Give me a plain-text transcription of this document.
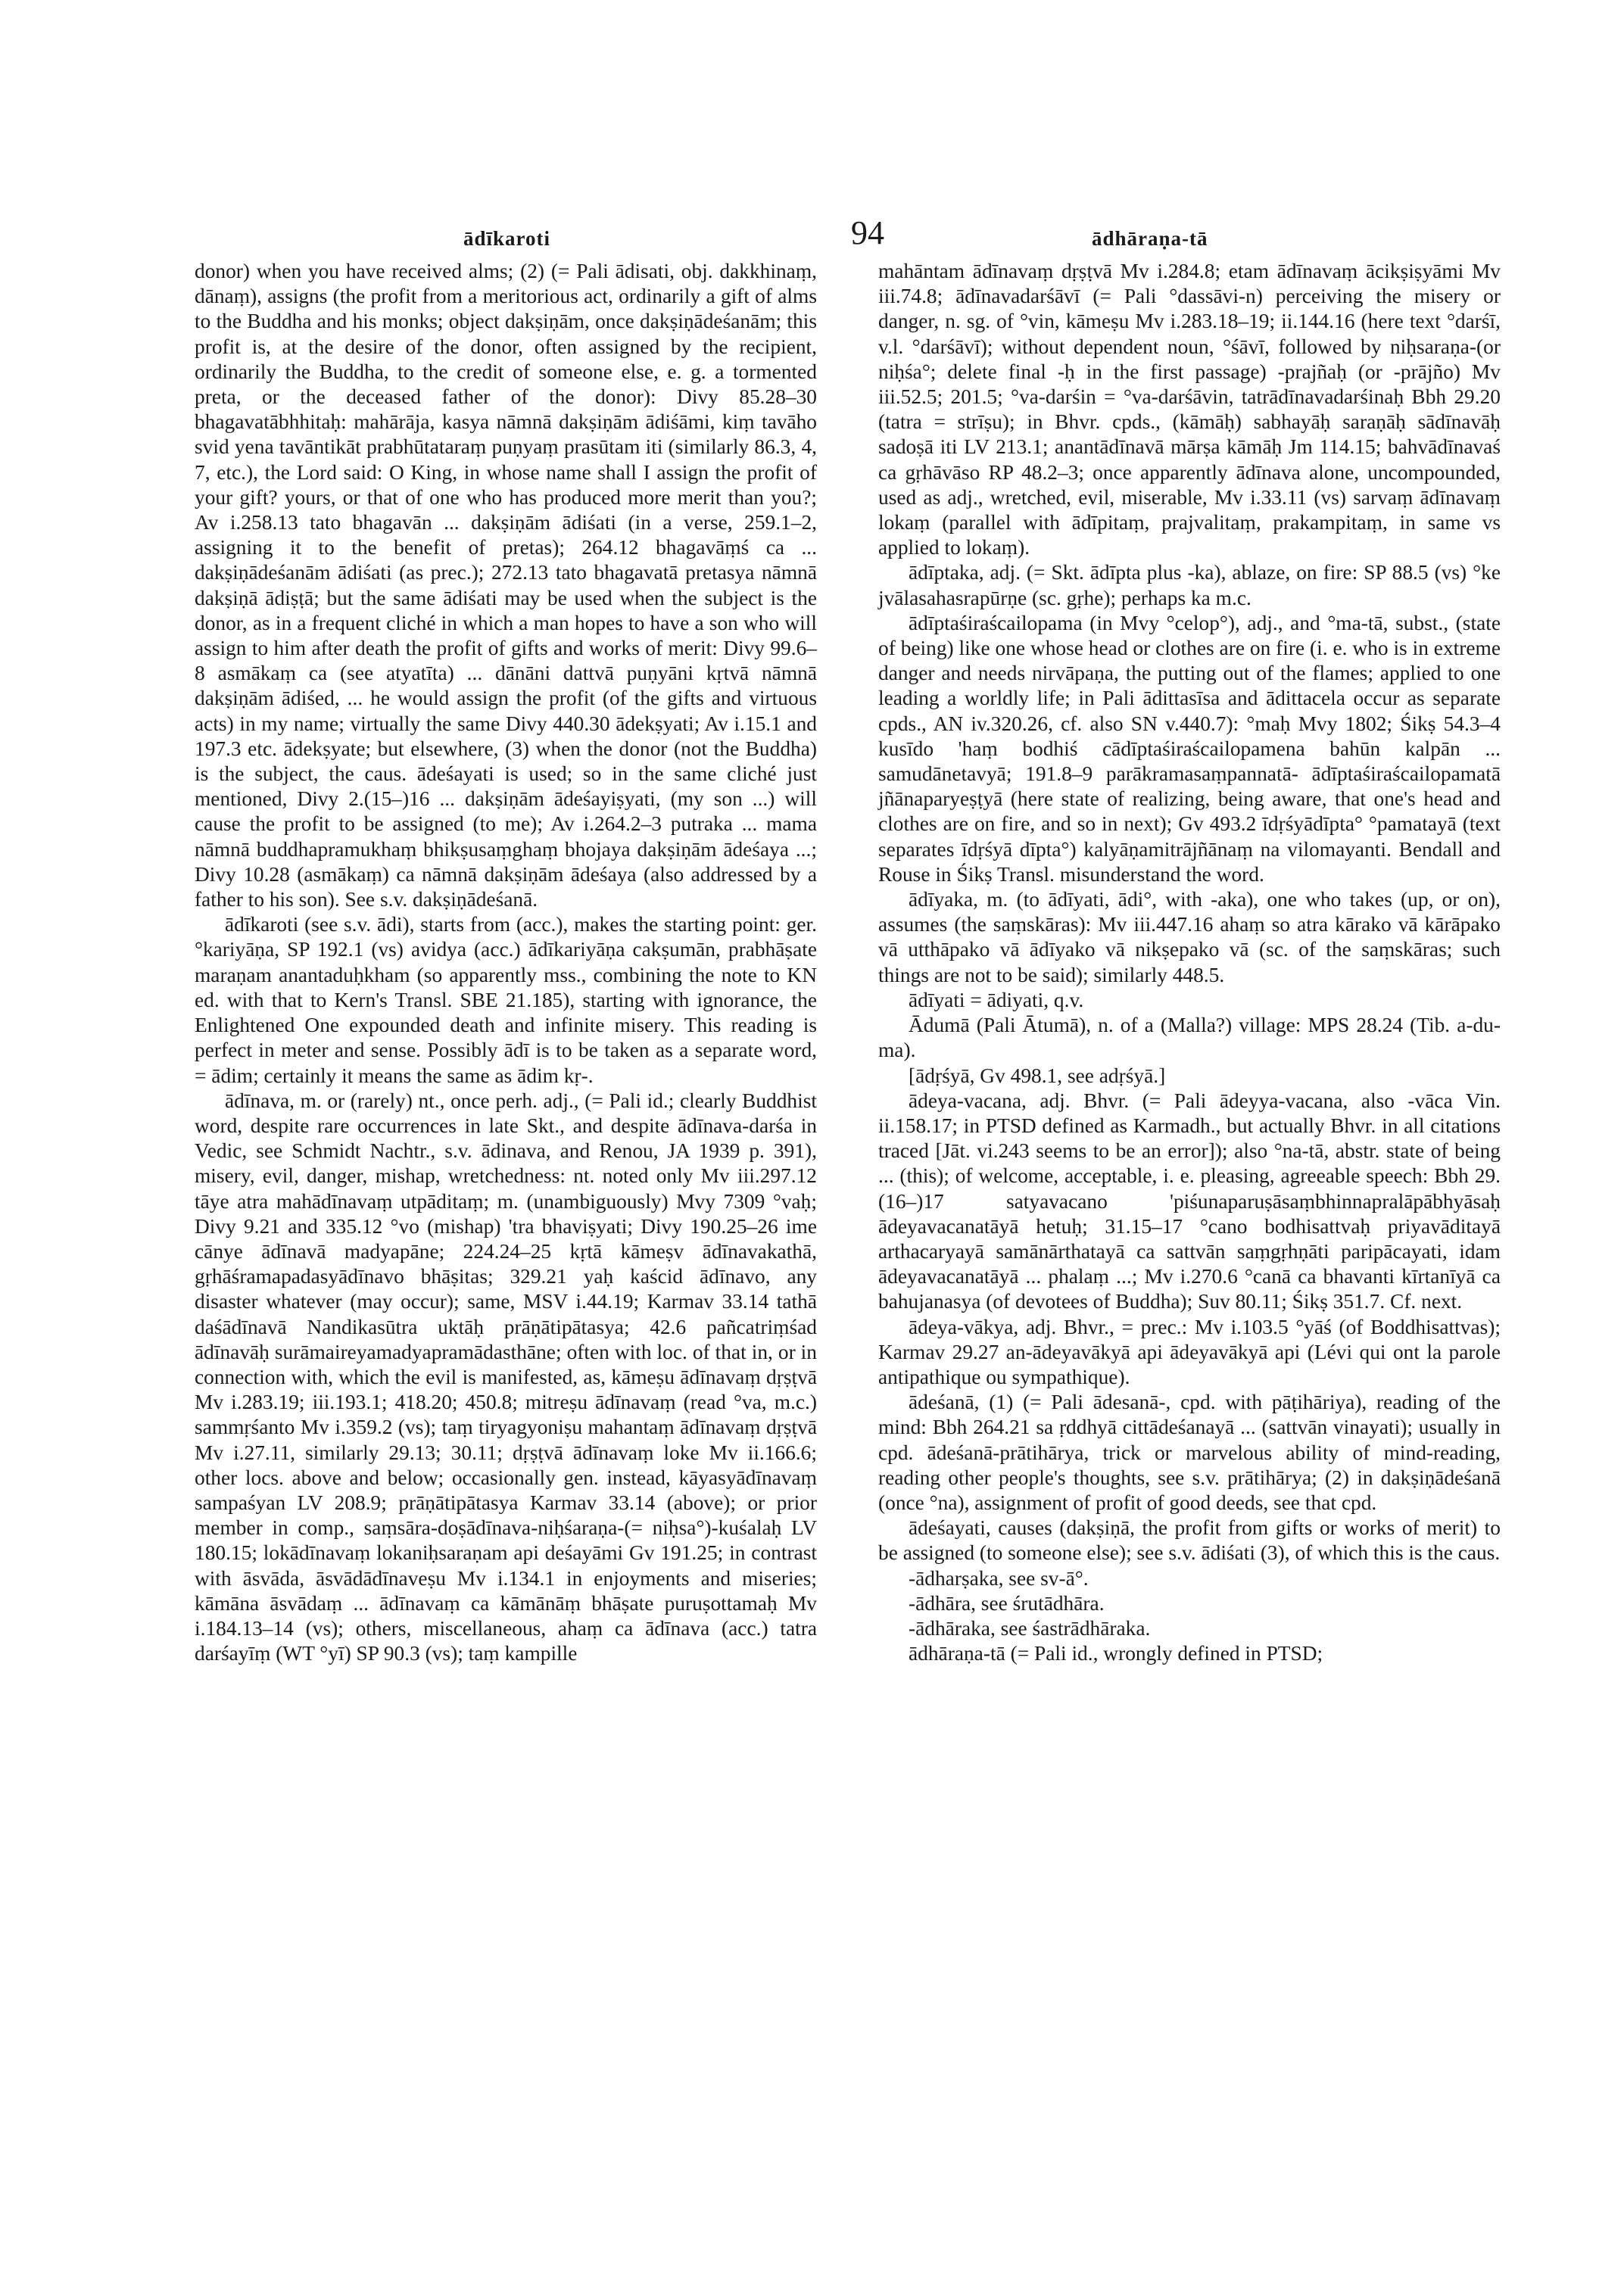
ādīkaroti	94	ādhāraṇa-tā

donor) when you have received alms; (2) (= Pali ādisati, obj. dakkhinaṃ, dānaṃ), assigns (the profit from a meritorious act, ordinarily a gift of alms to the Buddha and his monks; object dakṣiṇām, once dakṣiṇādeśanām; this profit is, at the desire of the donor, often assigned by the recipient, ordinarily the Buddha, to the credit of someone else, e. g. a tormented preta, or the deceased father of the donor): Divy 85.28–30 bhagavatābhhitaḥ: mahārāja, kasya nāmnā dakṣiṇām ādiśāmi, kiṃ tavāho svid yena tavāntikāt prabhūtataraṃ puṇyaṃ prasūtam iti (similarly 86.3, 4, 7, etc.), the Lord said: O King, in whose name shall I assign the profit of your gift? yours, or that of one who has produced more merit than you?; Av i.258.13 tato bhagavān ... dakṣiṇām ādiśati (in a verse, 259.1–2, assigning it to the benefit of pretas); 264.12 bhagavāṃś ca ... dakṣiṇādeśanām ādiśati (as prec.); 272.13 tato bhagavatā pretasya nāmnā dakṣiṇā ādiṣṭā; but the same ādiśati may be used when the subject is the donor, as in a frequent cliché in which a man hopes to have a son who will assign to him after death the profit of gifts and works of merit: Divy 99.6–8 asmākaṃ ca (see atyatīta) ... dānāni dattvā puṇyāni kṛtvā nāmnā dakṣiṇām ādiśed, ... he would assign the profit (of the gifts and virtuous acts) in my name; virtually the same Divy 440.30 ādekṣyati; Av i.15.1 and 197.3 etc. ādekṣyate; but elsewhere, (3) when the donor (not the Buddha) is the subject, the caus. ādeśayati is used; so in the same cliché just mentioned, Divy 2.(15–)16 ... dakṣiṇām ādeśayiṣyati, (my son ...) will cause the profit to be assigned (to me); Av i.264.2–3 putraka ... mama nāmnā buddhapramukhaṃ bhikṣusaṃghaṃ bhojaya dakṣiṇām ādeśaya ...; Divy 10.28 (asmākaṃ) ca nāmnā dakṣiṇām ādeśaya (also addressed by a father to his son). See s.v. dakṣiṇādeśanā.

ādīkaroti (see s.v. ādi), starts from (acc.), makes the starting point: ger. °kariyāṇa, SP 192.1 (vs) avidya (acc.) ādīkariyāṇa cakṣumān, prabhāṣate maraṇam anantaduḥkham (so apparently mss., combining the note to KN ed. with that to Kern's Transl. SBE 21.185), starting with ignorance, the Enlightened One expounded death and infinite misery. This reading is perfect in meter and sense. Possibly ādī is to be taken as a separate word, = ādim; certainly it means the same as ādim kṛ-.

ādīnava, m. or (rarely) nt., once perh. adj., (= Pali id.; clearly Buddhist word, despite rare occurrences in late Skt., and despite ādīnava-darśa in Vedic, see Schmidt Nachtr., s.v. ādinava, and Renou, JA 1939 p. 391), misery, evil, danger, mishap, wretchedness: nt. noted only Mv iii.297.12 tāye atra mahādīnavaṃ utpāditaṃ; m. (unambiguously) Mvy 7309 °vaḥ; Divy 9.21 and 335.12 °vo (mishap) 'tra bhaviṣyati; Divy 190.25–26 ime cānye ādīnavā madyapāne; 224.24–25 kṛtā kāmeṣv ādīnavakathā, gṛhāśramapadasyādīnavo bhāṣitas; 329.21 yaḥ kaścid ādīnavo, any disaster whatever (may occur); same, MSV i.44.19; Karmav 33.14 tathā daśādīnavā Nandikasūtra uktāḥ prāṇātipātasya; 42.6 pañcatriṃśad ādīnavāḥ surāmaireyamadyapramādasthāne; often with loc. of that in, or in connection with, which the evil is manifested, as, kāmeṣu ādīnavaṃ dṛṣṭvā Mv i.283.19; iii.193.1; 418.20; 450.8; mitreṣu ādīnavaṃ (read °va, m.c.) sammṛśanto Mv i.359.2 (vs); taṃ tiryagyoniṣu mahantaṃ ādīnavaṃ dṛṣṭvā Mv i.27.11, similarly 29.13; 30.11; dṛṣṭvā ādīnavaṃ loke Mv ii.166.6; other locs. above and below; occasionally gen. instead, kāyasyādīnavaṃ sampaśyan LV 208.9; prāṇātipātasya Karmav 33.14 (above); or prior member in comp., saṃsāra-doṣādīnava-niḥśaraṇa-(= niḥsa°)-kuśalaḥ LV 180.15; lokādīnavaṃ lokaniḥsaraṇam api deśayāmi Gv 191.25; in contrast with āsvāda, āsvādādīnaveṣu Mv i.134.1 in enjoyments and miseries; kāmāna āsvādaṃ ... ādīnavaṃ ca kāmānāṃ bhāṣate puruṣottamaḥ Mv i.184.13–14 (vs); others, miscellaneous, ahaṃ ca ādīnava (acc.) tatra darśayīṃ (WT °yī) SP 90.3 (vs); taṃ kampille

mahāntam ādīnavaṃ dṛṣṭvā Mv i.284.8; etam ādīnavaṃ ācikṣiṣyāmi Mv iii.74.8; ādīnavadarśāvī (= Pali °dassāvi-n) perceiving the misery or danger, n. sg. of °vin, kāmeṣu Mv i.283.18–19; ii.144.16 (here text °darśī, v.l. °darśāvī); without dependent noun, °śāvī, followed by niḥsaraṇa-(or niḥśa°; delete final -ḥ in the first passage) -prajñaḥ (or -prājño) Mv iii.52.5; 201.5; °va-darśin = °va-darśāvin, tatrādīnavadarśinaḥ Bbh 29.20 (tatra = strīṣu); in Bhvr. cpds., (kāmāḥ) sabhayāḥ saraṇāḥ sādīnavāḥ sadoṣā iti LV 213.1; anantādīnavā mārṣa kāmāḥ Jm 114.15; bahvādīnavaś ca gṛhāvāso RP 48.2–3; once apparently ādīnava alone, uncompounded, used as adj., wretched, evil, miserable, Mv i.33.11 (vs) sarvaṃ ādīnavaṃ lokaṃ (parallel with ādīpitaṃ, prajvalitaṃ, prakampitaṃ, in same vs applied to lokaṃ).

ādīptaka, adj. (= Skt. ādīpta plus -ka), ablaze, on fire: SP 88.5 (vs) °ke jvālasahasrapūrṇe (sc. gṛhe); perhaps ka m.c.

ādīptaśiraścailopama (in Mvy °celop°), adj., and °ma-tā, subst., (state of being) like one whose head or clothes are on fire (i. e. who is in extreme danger and needs nirvāpaṇa, the putting out of the flames; applied to one leading a worldly life; in Pali ādittasīsa and ādittacela occur as separate cpds., AN iv.320.26, cf. also SN v.440.7): °maḥ Mvy 1802; Śikṣ 54.3–4 kusīdo 'haṃ bodhiś cādīptaśiraścailopamena bahūn kalpān ... samudānetavyā; 191.8–9 parākramasaṃpannatā- ādīptaśiraścailopamatā jñānaparyeṣṭyā (here state of realizing, being aware, that one's head and clothes are on fire, and so in next); Gv 493.2 īdṛśyādīpta° °pamatayā (text separates īdṛśyā dīpta°) kalyāṇamitrājñānaṃ na vilomayanti. Bendall and Rouse in Śikṣ Transl. misunderstand the word.

ādīyaka, m. (to ādīyati, ādi°, with -aka), one who takes (up, or on), assumes (the saṃskāras): Mv iii.447.16 ahaṃ so atra kārako vā kārāpako vā utthāpako vā ādīyako vā nikṣepako vā (sc. of the saṃskāras; such things are not to be said); similarly 448.5.

ādīyati = ādiyati, q.v.

Ādumā (Pali Ātumā), n. of a (Malla?) village: MPS 28.24 (Tib. a-du-ma).

[ādṛśyā, Gv 498.1, see adṛśyā.]

ādeya-vacana, adj. Bhvr. (= Pali ādeyya-vacana, also -vāca Vin. ii.158.17; in PTSD defined as Karmadh., but actually Bhvr. in all citations traced [Jāt. vi.243 seems to be an error]); also °na-tā, abstr. state of being ... (this); of welcome, acceptable, i. e. pleasing, agreeable speech: Bbh 29.(16–)17 satyavacano 'piśunaparuṣāsaṃbhinnapralāpābhyāsaḥ ādeyavacanatāyā hetuḥ; 31.15–17 °cano bodhisattvaḥ priyavāditayā arthacaryayā samānārthatayā ca sattvān saṃgṛhṇāti paripācayati, idam ādeyavacanatāyā ... phalaṃ ...; Mv i.270.6 °canā ca bhavanti kīrtanīyā ca bahujanasya (of devotees of Buddha); Suv 80.11; Śikṣ 351.7. Cf. next.

ādeya-vākya, adj. Bhvr., = prec.: Mv i.103.5 °yāś (of Boddhisattvas); Karmav 29.27 an-ādeyavākyā api ādeyavākyā api (Lévi qui ont la parole antipathique ou sympathique).

ādeśanā, (1) (= Pali ādesanā-, cpd. with pāṭihāriya), reading of the mind: Bbh 264.21 sa ṛddhyā cittādeśanayā ... (sattvān vinayati); usually in cpd. ādeśanā-prātihārya, trick or marvelous ability of mind-reading, reading other people's thoughts, see s.v. prātihārya; (2) in dakṣiṇādeśanā (once °na), assignment of profit of good deeds, see that cpd.

ādeśayati, causes (dakṣiṇā, the profit from gifts or works of merit) to be assigned (to someone else); see s.v. ādiśati (3), of which this is the caus.

-ādharṣaka, see sv-ā°.

-ādhāra, see śrutādhāra.

-ādhāraka, see śastrādhāraka.

ādhāraṇa-tā (= Pali id., wrongly defined in PTSD;
